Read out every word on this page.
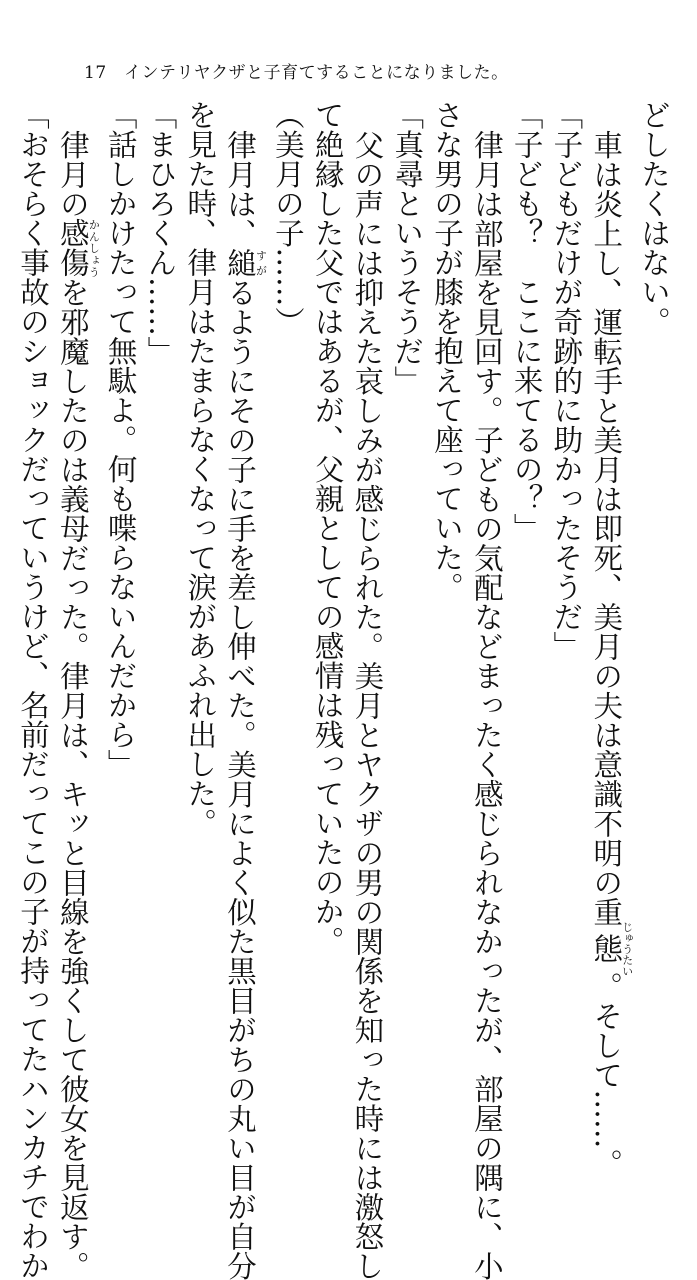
17 インテリヤクザと子育てすることになりました。

どしたくはない。

車は炎上し、運転手と美月は即死、美月の夫は意識不明の重態じゅうたい。そして……。

「子どもだけが奇跡的に助かったそうだ」

「子ども？　ここに来てるの？」

律月は部屋を見回す。子どもの気配などまったく感じられなかったが、部屋の隅に、小

さな男の子が膝を抱えて座っていた。

「真尋というそうだ」

父の声には抑えた哀しみが感じられた。美月とヤクザの男の関係を知った時には激怒し

て絶縁した父ではあるが、父親としての感情は残っていたのか。

（美月の子……）

律月は、縋すがるようにその子に手を差し伸べた。美月によく似た黒目がちの丸い目が自分

を見た時、律月はたまらなくなって涙があふれ出した。

「まひろくん……」

「話しかけたって無駄よ。何も喋らないんだから」

律月の感傷かんしょうを邪魔したのは義母だった。律月は、キッと目線を強くして彼女を見返す。

「おそらく事故のショックだっていうけど、名前だってこの子が持ってたハンカチでわか
